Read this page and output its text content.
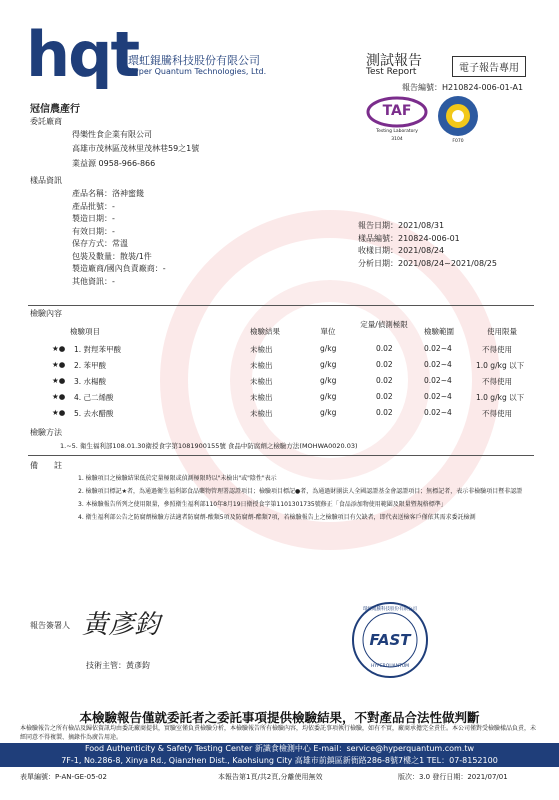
hqt
環虹錕騰科技股份有限公司
Hyper Quantum Technologies, Ltd.
測試報告
Test Report	電子報告專用
報告編號：H210824-006-01-A1
TAF
Testing Laboratory
3104	F070
冠信農產行
委託廠商
得樂性食企業有限公司
高雄市茂林區茂林里茂林巷59之1號
業益源 0958-966-866
樣品資訊
產品名稱：洛神蜜餞
產品批號：-
製造日期：-
有效日期：-
保存方式：常溫
包裝及數量：散裝/1件
製造廠商/國內負責廠商：-
其他資訊：-
報告日期：2021/08/31
樣品編號：210824-006-01
收樣日期：2021/08/24
分析日期：2021/08/24~2021/08/25
檢驗內容
檢驗項目	檢驗結果	單位
定量/偵測極限
檢驗範圍	使用限量
★● 1. 對羥苯甲酸	未檢出	g/kg	0.02	0.02~4	不得使用
★● 2. 苯甲酸	未檢出	g/kg	0.02	0.02~4	1.0 g/kg 以下
★● 3. 水楊酸	未檢出	g/kg	0.02	0.02~4	不得使用
★● 4. 己二烯酸	未檢出	g/kg	0.02	0.02~4	1.0 g/kg 以下
★● 5. 去水醋酸	未檢出	g/kg	0.02	0.02~4	不得使用
檢驗方法
1.~5. 衛生福利部108.01.30衛授食字第1081900155號 食品中防腐劑之檢驗方法(MOHWA0020.03)
備　　註
1. 檢驗項目之檢驗結果低於定量極限或偵測極限時以"未檢出"或"陰性"表示
2. 檢驗項目標記★者，為通過衛生福利部食品藥物管理署認證項目；檢驗項目標記●者，為通過財團法人全國認證基金會認證項目；無標記者，表示非檢驗項目暨非認證
3. 本檢驗報告所列之使用限量，參照衛生福利部110年8月19日衛授食字第1101301735號修正「食品添加物使用範圍及限量暨規格標準」
4. 衛生福利部公告之防腐劑檢驗方法適者防腐劑-酸類5項及防腐劑-酯類7項，若檢驗報告上之檢驗項目有欠缺者，即代表送檢客戶僅依其需求委託檢測
報告簽署人 黃彥鈞
技術主管：黃彥鈞
環虹錕騰科技股份有限公司
FAST
HYPERQUANTUM
本檢驗報告僅就委託者之委託事項提供檢驗結果，不對產品合法性做判斷
本檢驗報告之所有檢品及歸依資訊均由委託廠商提供，實驗室僅負責檢驗分析，本檢驗報告所有檢驗內容，均依委託事項執行檢驗，如有不實，廠商承擔完全責任。本公司僅對受檢驗樣品負責，未經同意不得複製、摘錄作為廣告用途。
Food Authenticity & Safety Testing Center 新識食檢測中心 E-mail：service@hyperquantum.com.tw
7F-1, No.286-8, Xinya Rd., Qianzhen Dist., Kaohsiung City 高雄市前鎮區新衙路286-8號7樓之1 TEL：07-8152100
表單編號：P-AN-GE-05-02	本報告第1頁/共2頁,分離使用無效	版次：3.0 發行日期：2021/07/01
